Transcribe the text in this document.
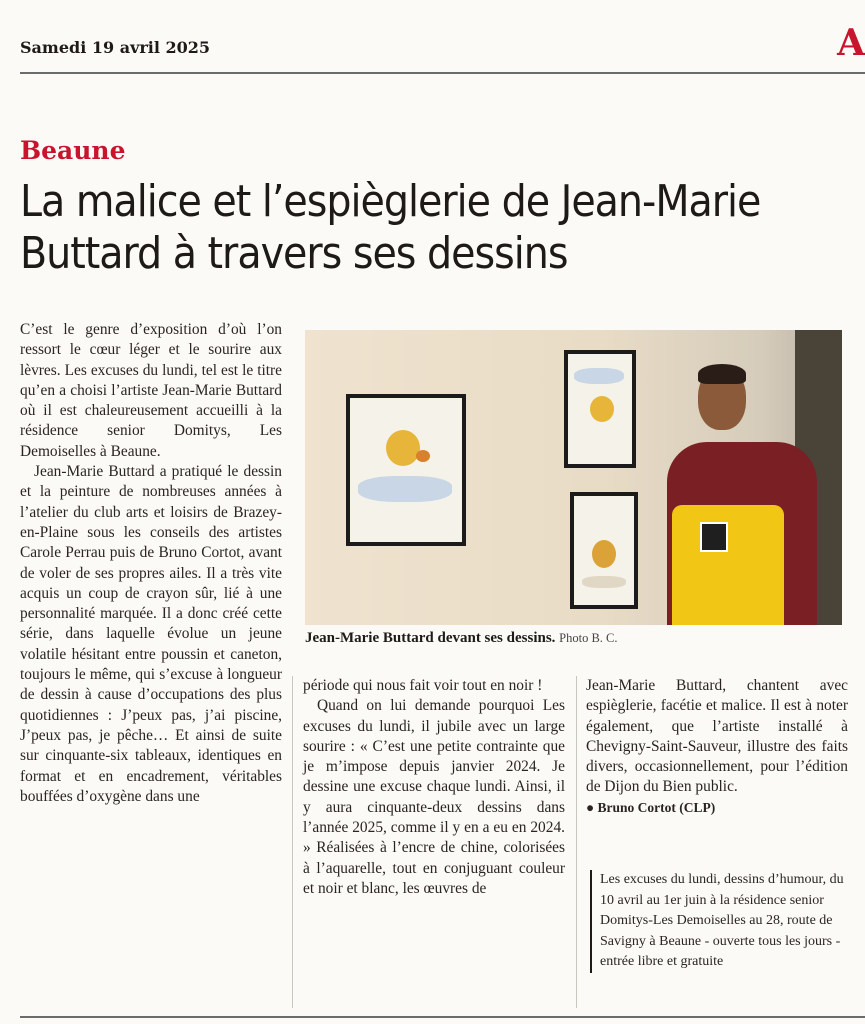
Samedi 19 avril 2025	A
Beaune
La malice et l’espièglerie de Jean-Marie Buttard à travers ses dessins

C’est le genre d’exposition d’où l’on ressort le cœur léger et le sourire aux lèvres. Les excuses du lundi, tel est le titre qu’en a choisi l’artiste Jean-Marie Buttard où il est chaleureusement accueilli à la résidence senior Domitys, Les Demoiselles à Beaune.

Jean-Marie Buttard a pratiqué le dessin et la peinture de nombreuses années à l’atelier du club arts et loisirs de Brazey-en-Plaine sous les conseils des artistes Carole Perrau puis de Bruno Cortot, avant de voler de ses propres ailes. Il a très vite acquis un coup de crayon sûr, lié à une personnalité marquée. Il a donc créé cette série, dans laquelle évolue un jeune volatile hésitant entre poussin et caneton, toujours le même, qui s’excuse à longueur de dessin à cause d’occupations des plus quotidiennes : J’peux pas, j’ai piscine, J’peux pas, je pêche… Et ainsi de suite sur cinquante-six tableaux, identiques en format et en encadrement, véritables bouffées d’oxygène dans une

Jean-Marie Buttard devant ses dessins. Photo B. C.

période qui nous fait voir tout en noir !

Quand on lui demande pourquoi Les excuses du lundi, il jubile avec un large sourire : « C’est une petite contrainte que je m’impose depuis janvier 2024. Je dessine une excuse chaque lundi. Ainsi, il y aura cinquante-deux dessins dans l’année 2025, comme il y en a eu en 2024. » Réalisées à l’encre de chine, colorisées à l’aquarelle, tout en conjuguant couleur et noir et blanc, les œuvres de

Jean-Marie Buttard, chantent avec espièglerie, facétie et malice. Il est à noter également, que l’artiste installé à Chevigny-Saint-Sauveur, illustre des faits divers, occasionnellement, pour l’édition de Dijon du Bien public.

● Bruno Cortot (CLP)

Les excuses du lundi, dessins d’humour, du 10 avril au 1er juin à la résidence senior Domitys-Les Demoiselles au 28, route de Savigny à Beaune - ouverte tous les jours - entrée libre et gratuite
